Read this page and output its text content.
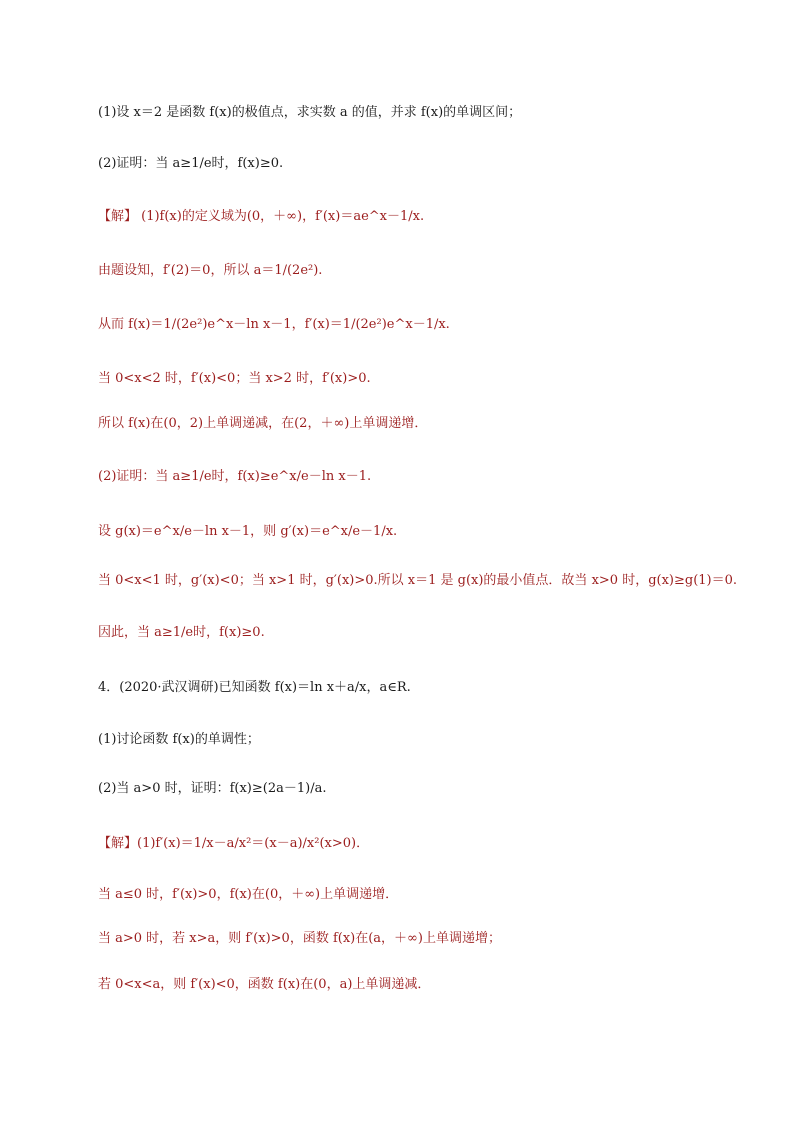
(1)设 x＝2 是函数 f(x)的极值点，求实数 a 的值，并求 f(x)的单调区间；
(2)证明：当 a≥1/e时，f(x)≥0.
【解】 (1)f(x)的定义域为(0，＋∞)，f′(x)＝ae^x－1/x.
由题设知，f′(2)＝0，所以 a＝1/(2e²).
从而 f(x)＝1/(2e²)e^x－ln x－1，f′(x)＝1/(2e²)e^x－1/x.
当 0<x<2 时，f′(x)<0；当 x>2 时，f′(x)>0.
所以 f(x)在(0，2)上单调递减，在(2，＋∞)上单调递增．
(2)证明：当 a≥1/e时，f(x)≥e^x/e－ln x－1.
设 g(x)＝e^x/e－ln x－1，则 g′(x)＝e^x/e－1/x.
当 0<x<1 时，g′(x)<0；当 x>1 时，g′(x)>0.所以 x＝1 是 g(x)的最小值点．故当 x>0 时，g(x)≥g(1)＝0.
因此，当 a≥1/e时，f(x)≥0.
4．(2020·武汉调研)已知函数 f(x)＝ln x＋a/x，a∈R.
(1)讨论函数 f(x)的单调性；
(2)当 a>0 时，证明：f(x)≥(2a－1)/a.
【解】(1)f′(x)＝1/x－a/x²＝(x－a)/x²(x>0)．
当 a≤0 时，f′(x)>0，f(x)在(0，＋∞)上单调递增．
当 a>0 时，若 x>a，则 f′(x)>0，函数 f(x)在(a，＋∞)上单调递增；
若 0<x<a，则 f′(x)<0，函数 f(x)在(0，a)上单调递减．
